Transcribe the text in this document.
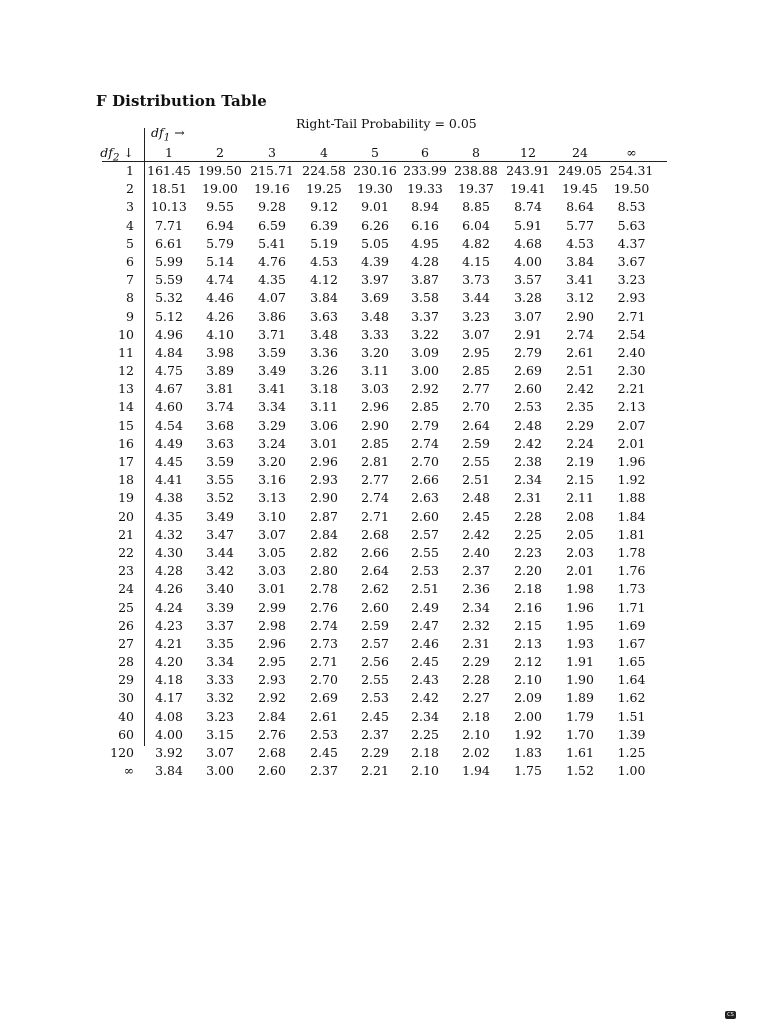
F Distribution Table
Right-Tail Probability = 0.05
$df_1$ →
$df_2$ ↓	1	2	3	4	5	6	8	12	24	∞
1	161.45 199.50 215.71 224.58 230.16 233.99 238.88 243.91 249.05 254.31
2	18.51	19.00	19.16	19.25	19.30	19.33	19.37	19.41	19.45	19.50
3	10.13	9.55	9.28	9.12	9.01	8.94	8.85	8.74	8.64	8.53
4	7.71	6.94	6.59	6.39	6.26	6.16	6.04	5.91	5.77	5.63
5	6.61	5.79	5.41	5.19	5.05	4.95	4.82	4.68	4.53	4.37
6	5.99	5.14	4.76	4.53	4.39	4.28	4.15	4.00	3.84	3.67
7	5.59	4.74	4.35	4.12	3.97	3.87	3.73	3.57	3.41	3.23
8	5.32	4.46	4.07	3.84	3.69	3.58	3.44	3.28	3.12	2.93
9	5.12	4.26	3.86	3.63	3.48	3.37	3.23	3.07	2.90	2.71
10	4.96	4.10	3.71	3.48	3.33	3.22	3.07	2.91	2.74	2.54
11	4.84	3.98	3.59	3.36	3.20	3.09	2.95	2.79	2.61	2.40
12	4.75	3.89	3.49	3.26	3.11	3.00	2.85	2.69	2.51	2.30
13	4.67	3.81	3.41	3.18	3.03	2.92	2.77	2.60	2.42	2.21
14	4.60	3.74	3.34	3.11	2.96	2.85	2.70	2.53	2.35	2.13
15	4.54	3.68	3.29	3.06	2.90	2.79	2.64	2.48	2.29	2.07
16	4.49	3.63	3.24	3.01	2.85	2.74	2.59	2.42	2.24	2.01
17	4.45	3.59	3.20	2.96	2.81	2.70	2.55	2.38	2.19	1.96
18	4.41	3.55	3.16	2.93	2.77	2.66	2.51	2.34	2.15	1.92
19	4.38	3.52	3.13	2.90	2.74	2.63	2.48	2.31	2.11	1.88
20	4.35	3.49	3.10	2.87	2.71	2.60	2.45	2.28	2.08	1.84
21	4.32	3.47	3.07	2.84	2.68	2.57	2.42	2.25	2.05	1.81
22	4.30	3.44	3.05	2.82	2.66	2.55	2.40	2.23	2.03	1.78
23	4.28	3.42	3.03	2.80	2.64	2.53	2.37	2.20	2.01	1.76
24	4.26	3.40	3.01	2.78	2.62	2.51	2.36	2.18	1.98	1.73
25	4.24	3.39	2.99	2.76	2.60	2.49	2.34	2.16	1.96	1.71
26	4.23	3.37	2.98	2.74	2.59	2.47	2.32	2.15	1.95	1.69
27	4.21	3.35	2.96	2.73	2.57	2.46	2.31	2.13	1.93	1.67
28	4.20	3.34	2.95	2.71	2.56	2.45	2.29	2.12	1.91	1.65
29	4.18	3.33	2.93	2.70	2.55	2.43	2.28	2.10	1.90	1.64
30	4.17	3.32	2.92	2.69	2.53	2.42	2.27	2.09	1.89	1.62
40	4.08	3.23	2.84	2.61	2.45	2.34	2.18	2.00	1.79	1.51
60	4.00	3.15	2.76	2.53	2.37	2.25	2.10	1.92	1.70	1.39
120	3.92	3.07	2.68	2.45	2.29	2.18	2.02	1.83	1.61	1.25
∞	3.84	3.00	2.60	2.37	2.21	2.10	1.94	1.75	1.52	1.00
CS
